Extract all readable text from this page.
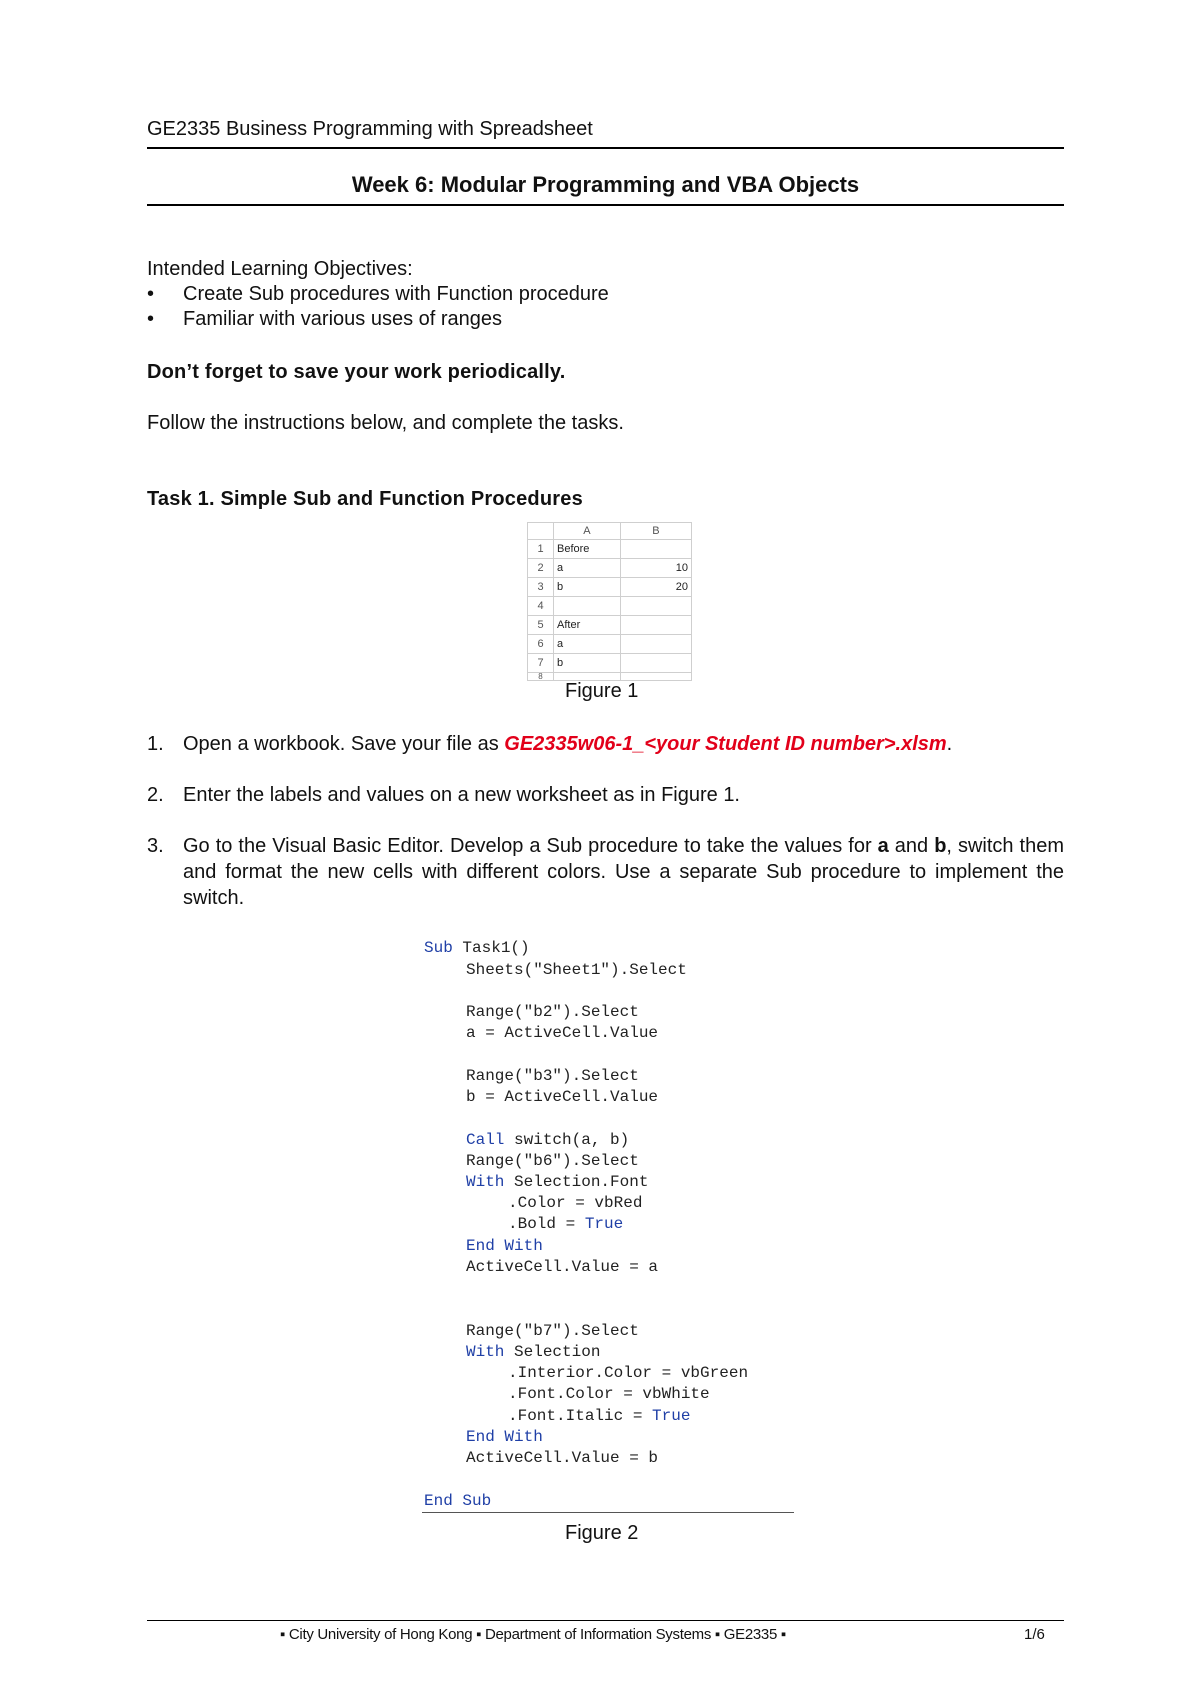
GE2335 Business Programming with Spreadsheet
Week 6: Modular Programming and VBA Objects
Intended Learning Objectives:
• Create Sub procedures with Function procedure
• Familiar with various uses of ranges
Don’t forget to save your work periodically.
Follow the instructions below, and complete the tasks.
Task 1. Simple Sub and Function Procedures
	A	B
1	Before	
2	a	10
3	b	20
4		
5	After	
6	a	
7	b	
8		
Figure 1
1. Open a workbook. Save your file as GE2335w06-1_<your Student ID number>.xlsm.
2. Enter the labels and values on a new worksheet as in Figure 1.
3. Go to the Visual Basic Editor. Develop a Sub procedure to take the values for a and b, switch them and format the new cells with different colors. Use a separate Sub procedure to implement the switch.
Sub Task1()
Sheets("Sheet1").Select
Range("b2").Select
a = ActiveCell.Value
Range("b3").Select
b = ActiveCell.Value
Call switch(a, b)
Range("b6").Select
With Selection.Font
.Color = vbRed
.Bold = True
End With
ActiveCell.Value = a
Range("b7").Select
With Selection
.Interior.Color = vbGreen
.Font.Color = vbWhite
.Font.Italic = True
End With
ActiveCell.Value = b
End Sub
Figure 2
▪ City University of Hong Kong ▪ Department of Information Systems ▪ GE2335 ▪	1/6
